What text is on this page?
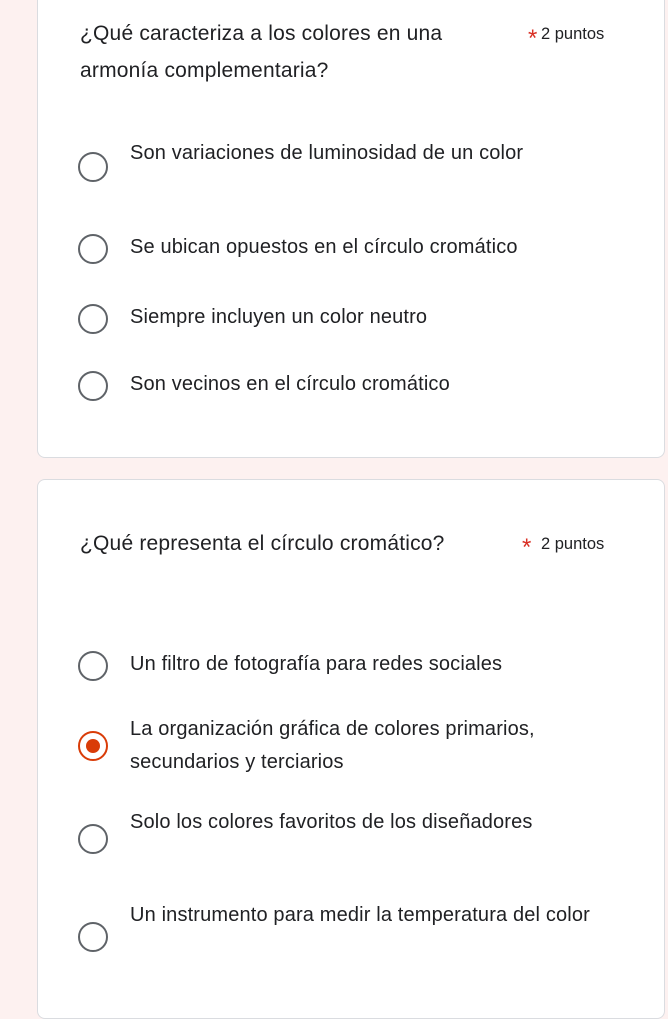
¿Qué caracteriza a los colores en una armonía complementaria?
* 2 puntos
Son variaciones de luminosidad de un color
Se ubican opuestos en el círculo cromático
Siempre incluyen un color neutro
Son vecinos en el círculo cromático
¿Qué representa el círculo cromático?	* 2 puntos
Un filtro de fotografía para redes sociales
La organización gráfica de colores primarios, secundarios y terciarios
Solo los colores favoritos de los diseñadores
Un instrumento para medir la temperatura del color
